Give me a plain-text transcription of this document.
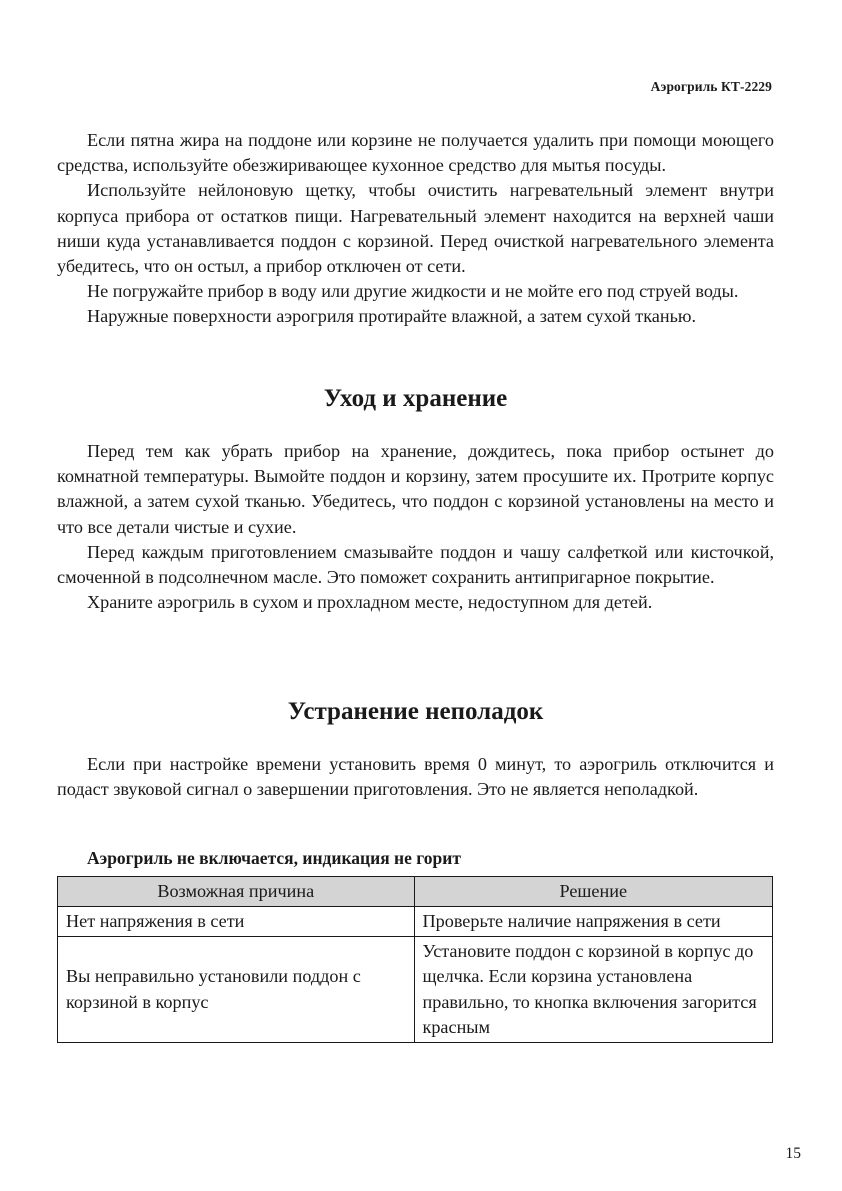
Аэрогриль КТ-2229

Если пятна жира на поддоне или корзине не получается удалить при помощи моющего средства, используйте обезжиривающее кухонное средство для мытья посуды.

Используйте нейлоновую щетку, чтобы очистить нагревательный элемент внутри корпуса прибора от остатков пищи. Нагревательный элемент находится на верхней чаши ниши куда устанавливается поддон с корзиной. Перед очисткой нагревательного элемента убедитесь, что он остыл, а прибор отключен от сети.

Не погружайте прибор в воду или другие жидкости и не мойте его под струей воды.

Наружные поверхности аэрогриля протирайте влажной, а затем сухой тканью.

Уход и хранение

Перед тем как убрать прибор на хранение, дождитесь, пока прибор остынет до комнатной температуры. Вымойте поддон и корзину, затем просушите их. Протрите корпус влажной, а затем сухой тканью. Убедитесь, что поддон с корзиной установлены на место и что все детали чистые и сухие.

Перед каждым приготовлением смазывайте поддон и чашу салфеткой или кисточкой, смоченной в подсолнечном масле. Это поможет сохранить антипригарное покрытие.

Храните аэрогриль в сухом и прохладном месте, недоступном для детей.

Устранение неполадок

Если при настройке времени установить время 0 минут, то аэрогриль отключится и подаст звуковой сигнал о завершении приготовления. Это не является неполадкой.

Аэрогриль не включается, индикация не горит

Возможная причина	Решение
Нет напряжения в сети	Проверьте наличие напряжения в сети
Вы неправильно установили поддон с корзиной в корпус	Установите поддон с корзиной в корпус до щелчка. Если корзина установлена правильно, то кнопка включения загорится красным
15
